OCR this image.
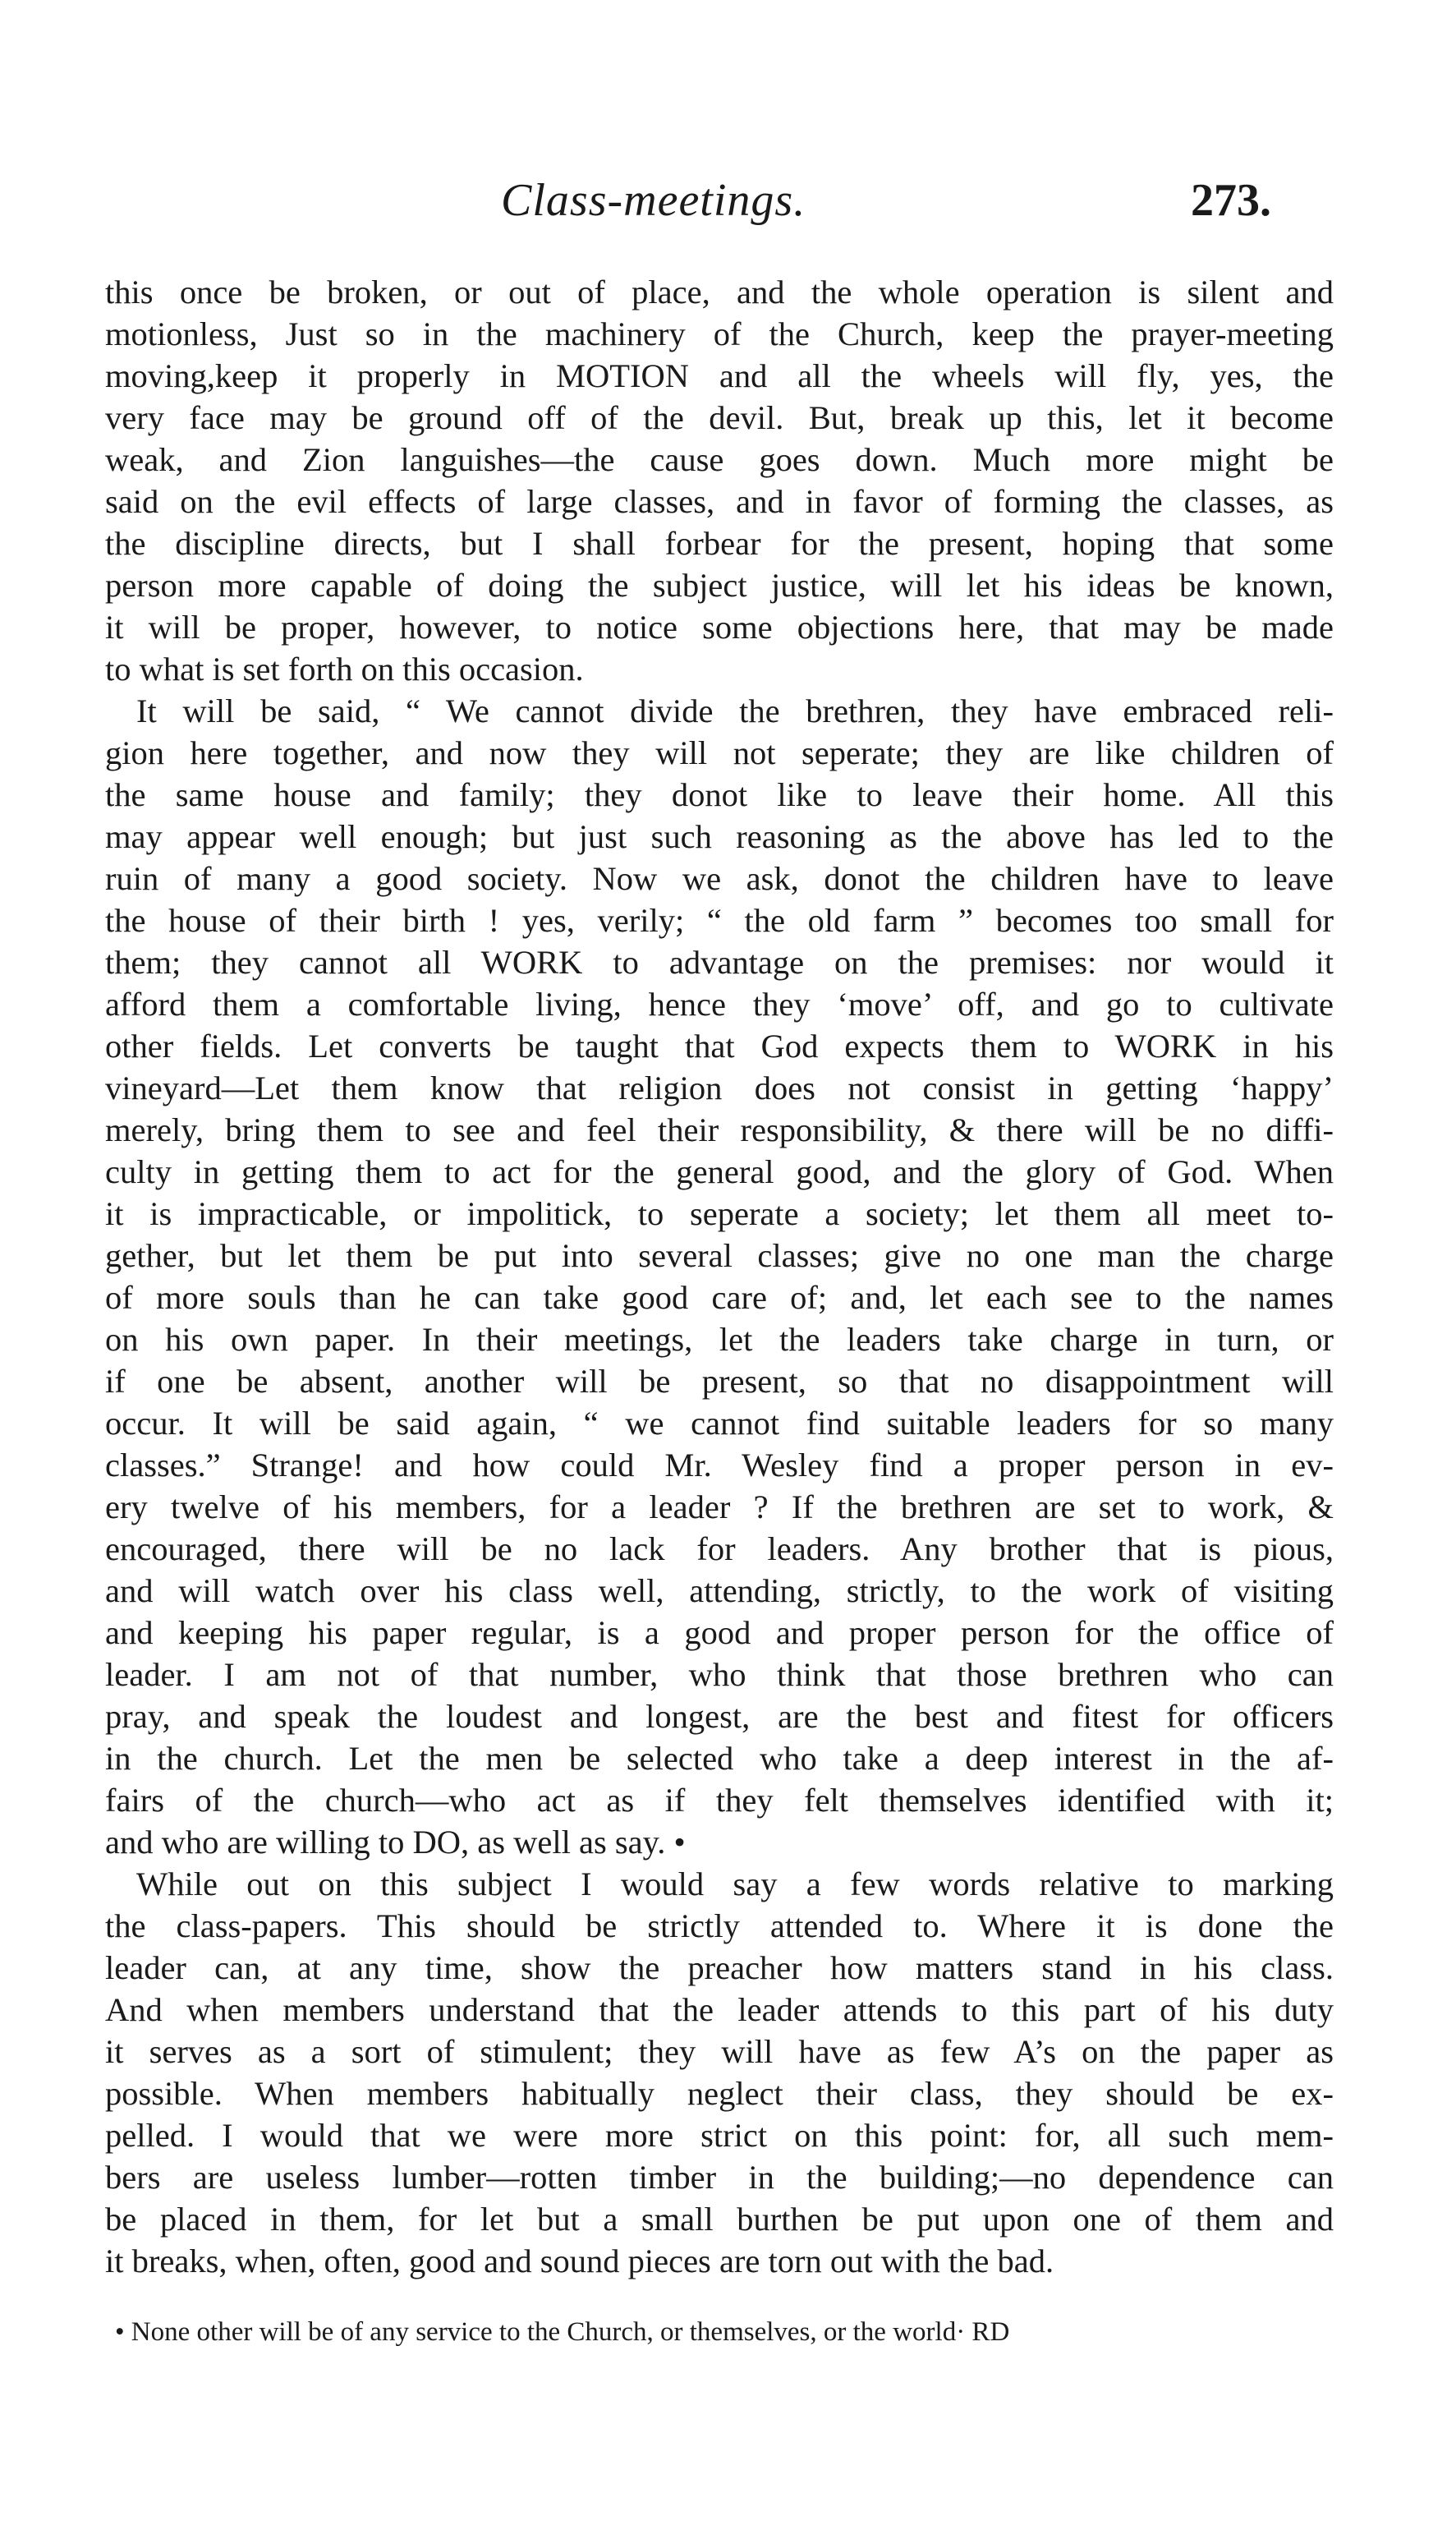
Class-meetings.	273.
this once be broken, or out of place, and the whole operation is silent and
motionless, Just so in the machinery of the Church, keep the prayer-meeting
moving,keep it properly in MOTION and all the wheels will fly, yes, the
very face may be ground off of the devil. But, break up this, let it become
weak, and Zion languishes—the cause goes down. Much more might be
said on the evil effects of large classes, and in favor of forming the classes, as
the discipline directs, but I shall forbear for the present, hoping that some
person more capable of doing the subject justice, will let his ideas be known,
it will be proper, however, to notice some objections here, that may be made
to what is set forth on this occasion.
It will be said, “ We cannot divide the brethren, they have embraced reli-
gion here together, and now they will not seperate; they are like children of
the same house and family; they donot like to leave their home. All this
may appear well enough; but just such reasoning as the above has led to the
ruin of many a good society. Now we ask, donot the children have to leave
the house of their birth ! yes, verily; “ the old farm ” becomes too small for
them; they cannot all WORK to advantage on the premises: nor would it
afford them a comfortable living, hence they ‘move’ off, and go to cultivate
other fields. Let converts be taught that God expects them to WORK in his
vineyard—Let them know that religion does not consist in getting ‘happy’
merely, bring them to see and feel their responsibility, & there will be no diffi-
culty in getting them to act for the general good, and the glory of God. When
it is impracticable, or impolitick, to seperate a society; let them all meet to-
gether, but let them be put into several classes; give no one man the charge
of more souls than he can take good care of; and, let each see to the names
on his own paper. In their meetings, let the leaders take charge in turn, or
if one be absent, another will be present, so that no disappointment will
occur. It will be said again, “ we cannot find suitable leaders for so many
classes.” Strange! and how could Mr. Wesley find a proper person in ev-
ery twelve of his members, for a leader ? If the brethren are set to work, &
encouraged, there will be no lack for leaders. Any brother that is pious,
and will watch over his class well, attending, strictly, to the work of visiting
and keeping his paper regular, is a good and proper person for the office of
leader. I am not of that number, who think that those brethren who can
pray, and speak the loudest and longest, are the best and fitest for officers
in the church. Let the men be selected who take a deep interest in the af-
fairs of the church—who act as if they felt themselves identified with it;
and who are willing to DO, as well as say. •
While out on this subject I would say a few words relative to marking
the class-papers. This should be strictly attended to. Where it is done the
leader can, at any time, show the preacher how matters stand in his class.
And when members understand that the leader attends to this part of his duty
it serves as a sort of stimulent; they will have as few A’s on the paper as
possible. When members habitually neglect their class, they should be ex-
pelled. I would that we were more strict on this point: for, all such mem-
bers are useless lumber—rotten timber in the building;—no dependence can
be placed in them, for let but a small burthen be put upon one of them and
it breaks, when, often, good and sound pieces are torn out with the bad.
• None other will be of any service to the Church, or themselves, or the world· RD
